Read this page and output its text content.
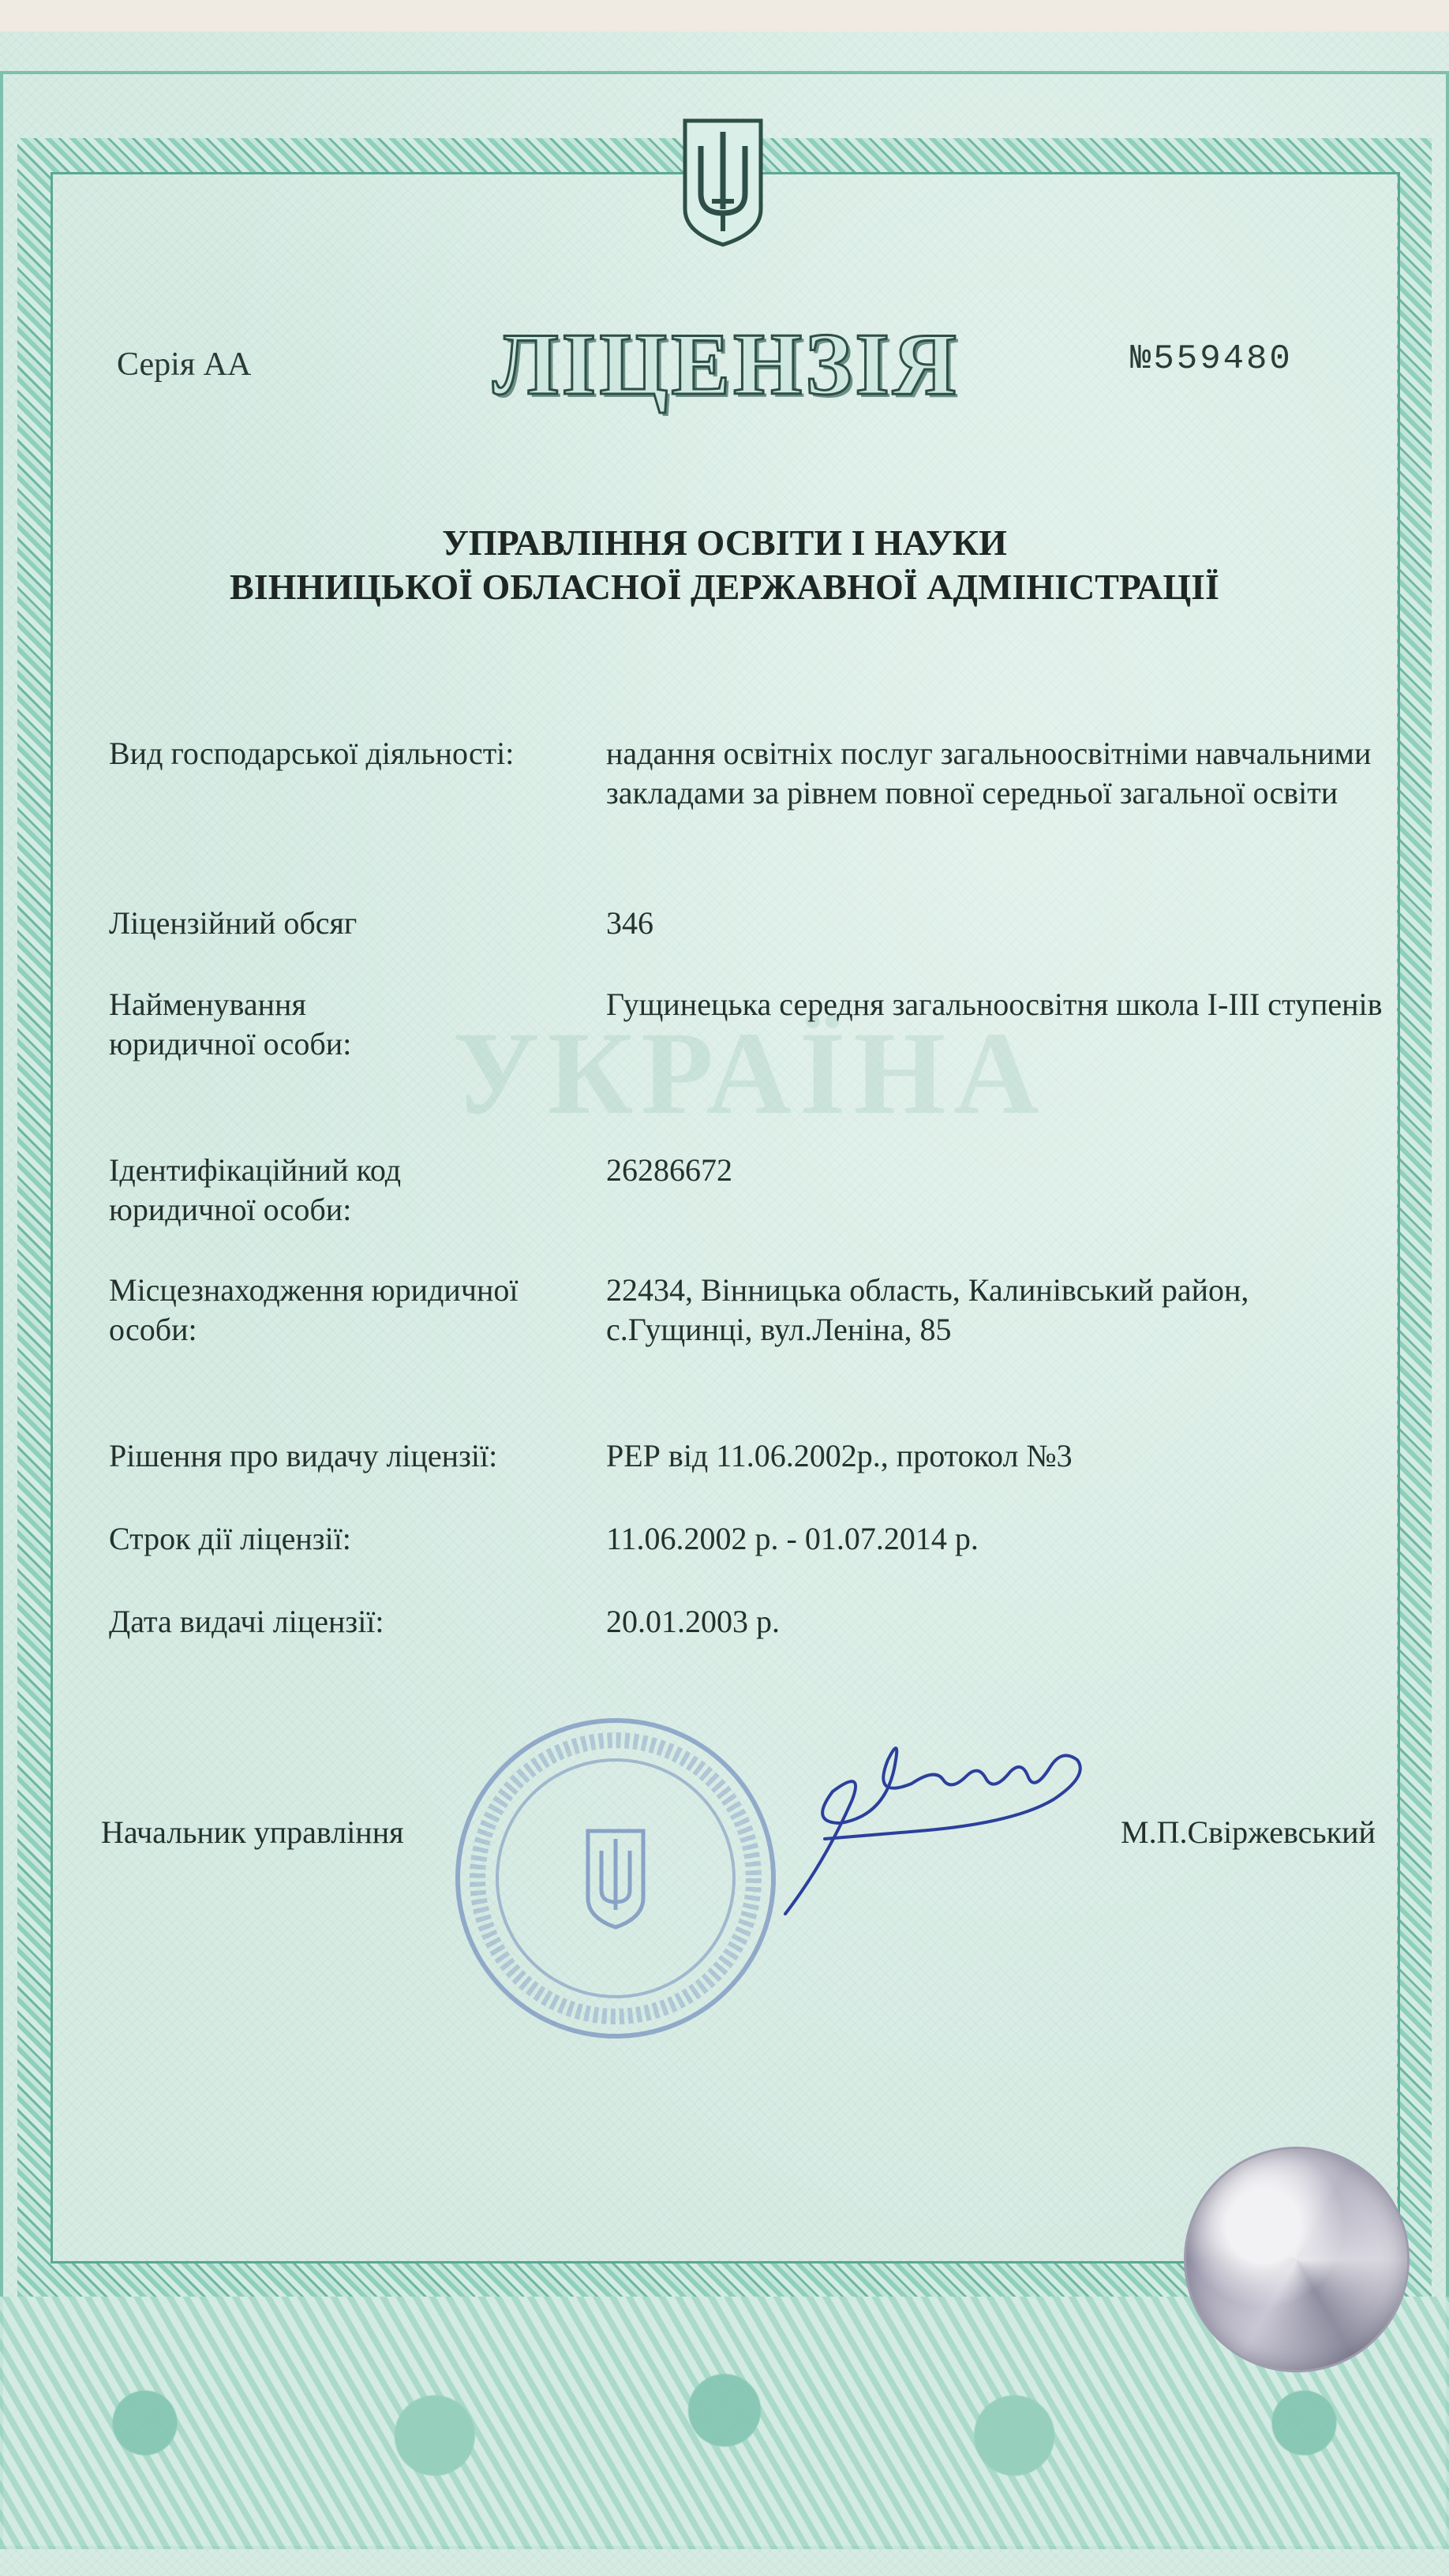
УКРАЇНА
Серія АА	ЛІЦЕНЗІЯ	№559480
УПРАВЛІННЯ ОСВІТИ І НАУКИ
ВІННИЦЬКОЇ ОБЛАСНОЇ ДЕРЖАВНОЇ АДМІНІСТРАЦІЇ
Вид господарської діяльності:	надання освітніх послуг загальноосвітніми навчальними закладами за рівнем повної середньої загальної освіти
Ліцензійний обсяг	346
Найменування юридичної особи:
Гущинецька середня загальноосвітня школа І-ІІІ ступенів
Ідентифікаційний код юридичної особи:
26286672
Місцезнаходження юридичної особи:
22434, Вінницька область, Калинівський район, с.Гущинці, вул.Леніна, 85
Рішення про видачу ліцензії:	РЕР від 11.06.2002р., протокол №3
Строк дії ліцензії:	11.06.2002 р. - 01.07.2014 р.
Дата видачі ліцензії:	20.01.2003 р.
Начальник управління	М.П.Свіржевський
